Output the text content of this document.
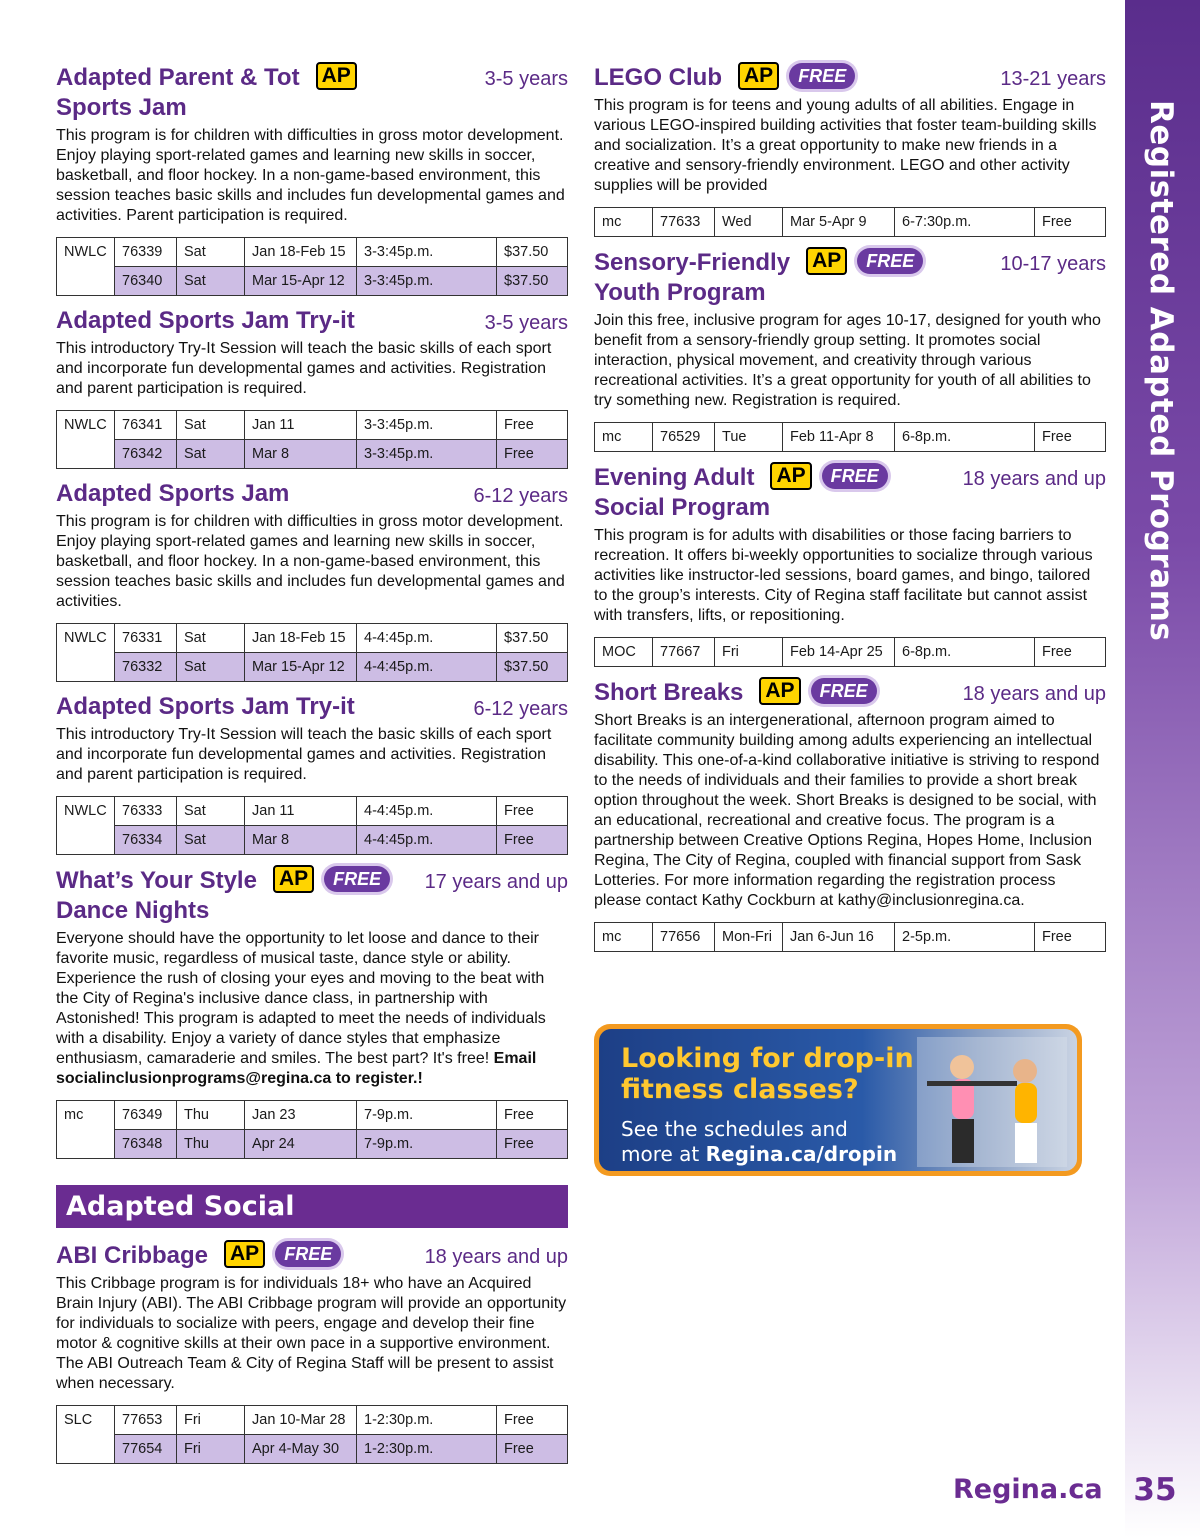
Registered Adapted Programs
Adapted Parent & Tot AP
Sports Jam
3-5 years
This program is for children with difficulties in gross motor development. Enjoy playing sport-related games and learning new skills in soccer, basketball, and floor hockey. In a non-game-based environment, this session teaches basic skills and includes fun developmental games and activities. Parent participation is required.
NWLC	76339	Sat	Jan 18-Feb 15	3-3:45p.m.	$37.50
	76340	Sat	Mar 15-Apr 12	3-3:45p.m.	$37.50
Adapted Sports Jam Try-it	3-5 years
This introductory Try-It Session will teach the basic skills of each sport and incorporate fun developmental games and activities. Registration and parent participation is required.
NWLC	76341	Sat	Jan 11	3-3:45p.m.	Free
	76342	Sat	Mar 8	3-3:45p.m.	Free
Adapted Sports Jam	6-12 years
This program is for children with difficulties in gross motor development. Enjoy playing sport-related games and learning new skills in soccer, basketball, and floor hockey. In a non-game-based environment, this session teaches basic skills and includes fun developmental games and activities.
NWLC	76331	Sat	Jan 18-Feb 15	4-4:45p.m.	$37.50
	76332	Sat	Mar 15-Apr 12	4-4:45p.m.	$37.50
Adapted Sports Jam Try-it	6-12 years
This introductory Try-It Session will teach the basic skills of each sport and incorporate fun developmental games and activities. Registration and parent participation is required.
NWLC	76333	Sat	Jan 11	4-4:45p.m.	Free
	76334	Sat	Mar 8	4-4:45p.m.	Free
What’s Your Style AP FREE
Dance Nights
17 years and up
Everyone should have the opportunity to let loose and dance to their favorite music, regardless of musical taste, dance style or ability. Experience the rush of closing your eyes and moving to the beat with the City of Regina's inclusive dance class, in partnership with Astonished! This program is adapted to meet the needs of individuals with a disability. Enjoy a variety of dance styles that emphasize enthusiasm, camaraderie and smiles. The best part? It's free! Email socialinclusionprograms@regina.ca to register.!
mc	76349	Thu	Jan 23	7-9p.m.	Free
	76348	Thu	Apr 24	7-9p.m.	Free
Adapted Social
ABI Cribbage AP FREE	18 years and up
This Cribbage program is for individuals 18+ who have an Acquired Brain Injury (ABI). The ABI Cribbage program will provide an opportunity for individuals to socialize with peers, engage and develop their fine motor & cognitive skills at their own pace in a supportive environment. The ABI Outreach Team & City of Regina Staff will be present to assist when necessary.
SLC	77653	Fri	Jan 10-Mar 28	1-2:30p.m.	Free
	77654	Fri	Apr 4-May 30	1-2:30p.m.	Free
LEGO Club AP FREE	13-21 years
This program is for teens and young adults of all abilities. Engage in various LEGO-inspired building activities that foster team-building skills and socialization. It’s a great opportunity to make new friends in a creative and sensory-friendly environment. LEGO and other activity supplies will be provided
mc	77633	Wed	Mar 5-Apr 9	6-7:30p.m.	Free
Sensory-Friendly AP FREE
Youth Program
10-17 years
Join this free, inclusive program for ages 10-17, designed for youth who benefit from a sensory-friendly group setting. It promotes social interaction, physical movement, and creativity through various recreational activities. It’s a great opportunity for youth of all abilities to try something new. Registration is required.
mc	76529	Tue	Feb 11-Apr 8	6-8p.m.	Free
Evening Adult AP FREE
Social Program
18 years and up
This program is for adults with disabilities or those facing barriers to recreation. It offers bi-weekly opportunities to socialize through various activities like instructor-led sessions, board games, and bingo, tailored to the group’s interests. City of Regina staff facilitate but cannot assist with transfers, lifts, or repositioning.
MOC	77667	Fri	Feb 14-Apr 25	6-8p.m.	Free
Short Breaks AP FREE	18 years and up
Short Breaks is an intergenerational, afternoon program aimed to facilitate community building among adults experiencing an intellectual disability. This one-of-a-kind collaborative initiative is striving to respond to the needs of individuals and their families to provide a short break option throughout the week. Short Breaks is designed to be social, with an educational, recreational and creative focus. The program is a partnership between Creative Options Regina, Hopes Home, Inclusion Regina, The City of Regina, coupled with financial support from Sask Lotteries. For more information regarding the registration process please contact Kathy Cockburn at kathy@inclusionregina.ca.
mc	77656	Mon-Fri	Jan 6-Jun 16	2-5p.m.	Free
Looking for drop-in
fitness classes?
See the schedules and
more at Regina.ca/dropin
Regina.ca 35
